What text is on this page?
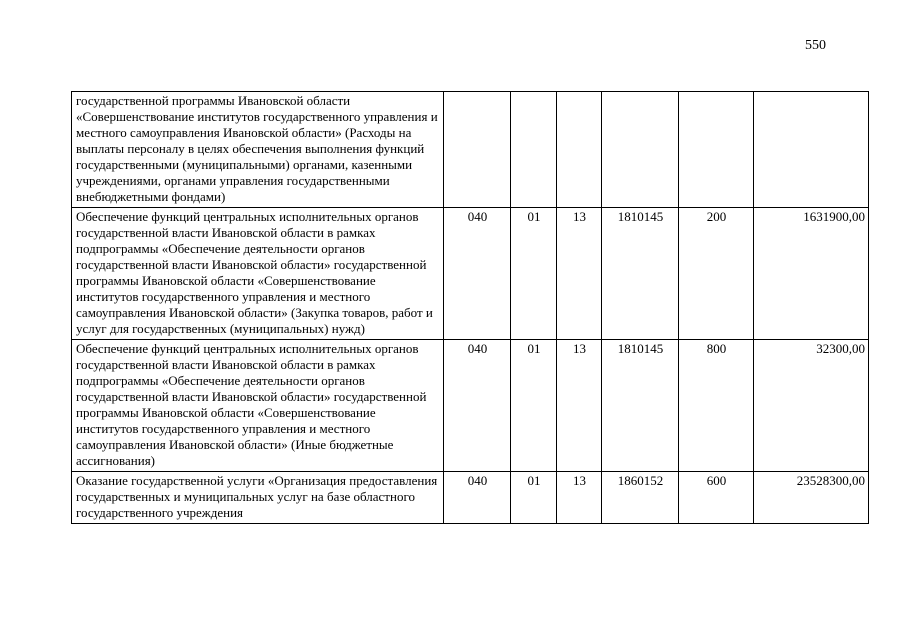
550
государственной программы Ивановской области «Совершенствование институтов государственного управления и местного самоуправления Ивановской области» (Расходы на выплаты персоналу в целях обеспечения выполнения функций государственными (муниципальными) органами, казенными учреждениями, органами управления государственными внебюджетными фондами)						
Обеспечение функций центральных исполнительных органов государственной власти Ивановской области в рамках подпрограммы «Обеспечение деятельности органов государственной власти Ивановской области» государственной программы Ивановской области «Совершенствование институтов государственного управления и местного самоуправления Ивановской области» (Закупка товаров, работ и услуг для государственных (муниципальных) нужд)	040	01	13	1810145	200	1631900,00
Обеспечение функций центральных исполнительных органов государственной власти Ивановской области в рамках подпрограммы «Обеспечение деятельности органов государственной власти Ивановской области» государственной программы Ивановской области «Совершенствование институтов государственного управления и местного самоуправления Ивановской области» (Иные бюджетные ассигнования)	040	01	13	1810145	800	32300,00
Оказание государственной услуги «Организация предоставления государственных и муниципальных услуг на базе областного государственного учреждения	040	01	13	1860152	600	23528300,00
